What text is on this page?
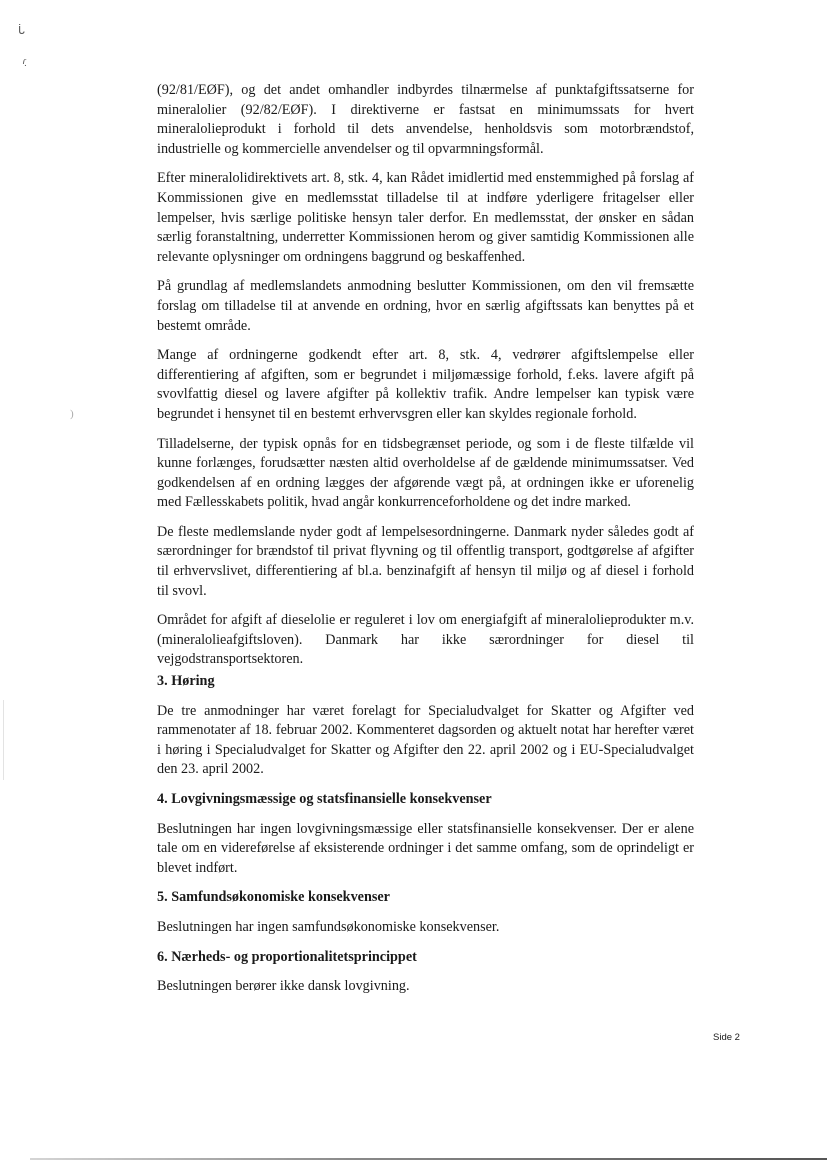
ᒑ
ɾ̣
)

(92/81/EØF), og det andet omhandler indbyrdes tilnærmelse af punktafgiftssatserne for mineralolier (92/82/EØF). I direktiverne er fastsat en minimumssats for hvert mineralolieprodukt i forhold til dets anvendelse, henholdsvis som motorbrændstof, industrielle og kommercielle anvendelser og til opvarmningsformål.

Efter mineralolidirektivets art. 8, stk. 4, kan Rådet imidlertid med enstemmighed på forslag af Kommissionen give en medlemsstat tilladelse til at indføre yderligere fritagelser eller lempelser, hvis særlige politiske hensyn taler derfor. En medlemsstat, der ønsker en sådan særlig foranstaltning, underretter Kommissionen herom og giver samtidig Kommissionen alle relevante oplysninger om ordningens baggrund og beskaffenhed.

På grundlag af medlemslandets anmodning beslutter Kommissionen, om den vil fremsætte forslag om tilladelse til at anvende en ordning, hvor en særlig afgiftssats kan benyttes på et bestemt område.

Mange af ordningerne godkendt efter art. 8, stk. 4, vedrører afgiftslempelse eller differentiering af afgiften, som er begrundet i miljømæssige forhold, f.eks. lavere afgift på svovlfattig diesel og lavere afgifter på kollektiv trafik. Andre lempelser kan typisk være begrundet i hensynet til en bestemt erhvervsgren eller kan skyldes regionale forhold.

Tilladelserne, der typisk opnås for en tidsbegrænset periode, og som i de fleste tilfælde vil kunne forlænges, forudsætter næsten altid overholdelse af de gældende minimumssatser. Ved godkendelsen af en ordning lægges der afgørende vægt på, at ordningen ikke er uforenelig med Fællesskabets politik, hvad angår konkurrenceforholdene og det indre marked.

De fleste medlemslande nyder godt af lempelsesordningerne. Danmark nyder således godt af særordninger for brændstof til privat flyvning og til offentlig transport, godtgørelse af afgifter til erhvervslivet, differentiering af bl.a. benzinafgift af hensyn til miljø og af diesel i forhold til svovl.

Området for afgift af dieselolie er reguleret i lov om energiafgift af mineralolieprodukter m.v. (mineralolieafgiftsloven). Danmark har ikke særordninger for diesel til vejgodstransportsektoren.

3. Høring

De tre anmodninger har været forelagt for Specialudvalget for Skatter og Afgifter ved rammenotater af 18. februar 2002. Kommenteret dagsorden og aktuelt notat har herefter været i høring i Specialudvalget for Skatter og Afgifter den 22. april 2002 og i EU-Specialudvalget den 23. april 2002.

4. Lovgivningsmæssige og statsfinansielle konsekvenser

Beslutningen har ingen lovgivningsmæssige eller statsfinansielle konsekvenser. Der er alene tale om en videreførelse af eksisterende ordninger i det samme omfang, som de oprindeligt er blevet indført.

5. Samfundsøkonomiske konsekvenser

Beslutningen har ingen samfundsøkonomiske konsekvenser.

6. Nærheds- og proportionalitetsprincippet

Beslutningen berører ikke dansk lovgivning.

Side 2
